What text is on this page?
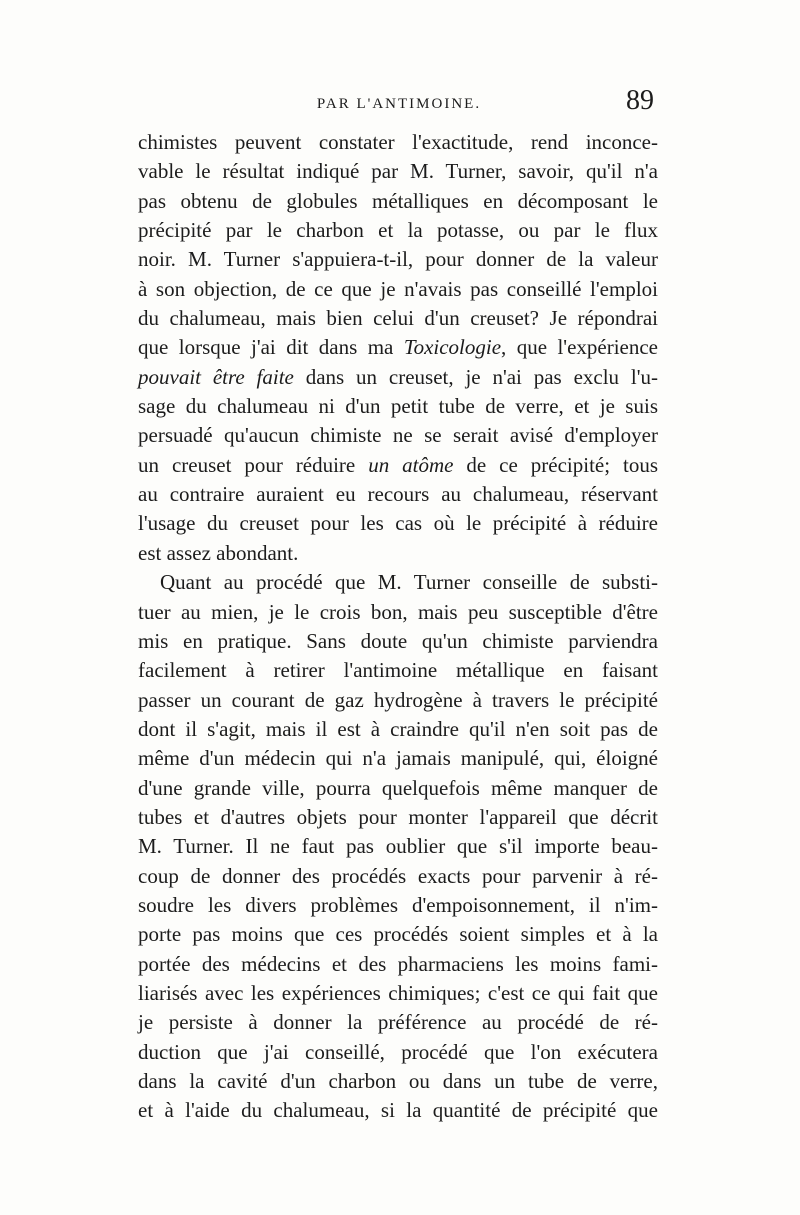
PAR L'ANTIMOINE.	89
chimistes peuvent constater l'exactitude, rend inconce-
vable le résultat indiqué par M. Turner, savoir, qu'il n'a
pas obtenu de globules métalliques en décomposant le
précipité par le charbon et la potasse, ou par le flux
noir. M. Turner s'appuiera-t-il, pour donner de la valeur
à son objection, de ce que je n'avais pas conseillé l'emploi
du chalumeau, mais bien celui d'un creuset? Je répondrai
que lorsque j'ai dit dans ma Toxicologie, que l'expérience
pouvait être faite dans un creuset, je n'ai pas exclu l'u-
sage du chalumeau ni d'un petit tube de verre, et je suis
persuadé qu'aucun chimiste ne se serait avisé d'employer
un creuset pour réduire un atôme de ce précipité; tous
au contraire auraient eu recours au chalumeau, réservant
l'usage du creuset pour les cas où le précipité à réduire
est assez abondant.
Quant au procédé que M. Turner conseille de substi-
tuer au mien, je le crois bon, mais peu susceptible d'être
mis en pratique. Sans doute qu'un chimiste parviendra
facilement à retirer l'antimoine métallique en faisant
passer un courant de gaz hydrogène à travers le précipité
dont il s'agit, mais il est à craindre qu'il n'en soit pas de
même d'un médecin qui n'a jamais manipulé, qui, éloigné
d'une grande ville, pourra quelquefois même manquer de
tubes et d'autres objets pour monter l'appareil que décrit
M. Turner. Il ne faut pas oublier que s'il importe beau-
coup de donner des procédés exacts pour parvenir à ré-
soudre les divers problèmes d'empoisonnement, il n'im-
porte pas moins que ces procédés soient simples et à la
portée des médecins et des pharmaciens les moins fami-
liarisés avec les expériences chimiques; c'est ce qui fait que
je persiste à donner la préférence au procédé de ré-
duction que j'ai conseillé, procédé que l'on exécutera
dans la cavité d'un charbon ou dans un tube de verre,
et à l'aide du chalumeau, si la quantité de précipité que
